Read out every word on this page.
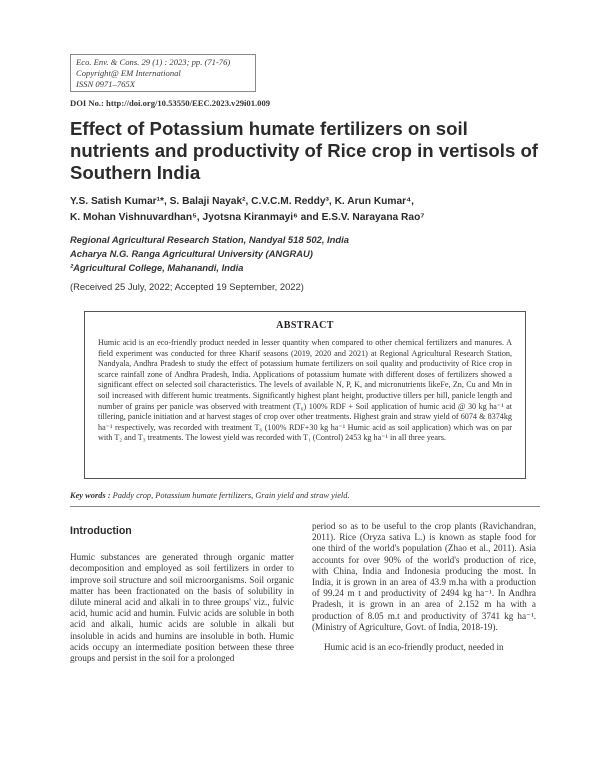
Eco. Env. & Cons. 29 (1) : 2023; pp. (71-76)
Copyright@ EM International
ISSN 0971–765X
DOI No.: http://doi.org/10.53550/EEC.2023.v29i01.009
Effect of Potassium humate fertilizers on soil nutrients and productivity of Rice crop in vertisols of Southern India
Y.S. Satish Kumar¹*, S. Balaji Nayak², C.V.C.M. Reddy³, K. Arun Kumar⁴,
K. Mohan Vishnuvardhan⁵, Jyotsna Kiranmayi⁶ and E.S.V. Narayana Rao⁷
Regional Agricultural Research Station, Nandyal 518 502, India
Acharya N.G. Ranga Agricultural University (ANGRAU)
²Agricultural College, Mahanandi, India
(Received 25 July, 2022; Accepted 19 September, 2022)
ABSTRACT

Humic acid is an eco-friendly product needed in lesser quantity when compared to other chemical fertilizers and manures. A field experiment was conducted for three Kharif seasons (2019, 2020 and 2021) at Regional Agricultural Research Station, Nandyala, Andhra Pradesh to study the effect of potassium humate fertilizers on soil quality and productivity of Rice crop in scarce rainfall zone of Andhra Pradesh, India. Applications of potassium humate with different doses of fertilizers showed a significant effect on selected soil characteristics. The levels of available N, P, K, and micronutrients likeFe, Zn, Cu and Mn in soil increased with different humic treatments. Significantly highest plant height, productive tillers per hill, panicle length and number of grains per panicle was observed with treatment (T₆) 100% RDF + Soil application of humic acid @ 30 kg ha⁻¹ at tillering, panicle initiation and at harvest stages of crop over other treatments. Highest grain and straw yield of 6074 & 8374kg ha⁻¹ respectively, was recorded with treatment T₆ (100% RDF+30 kg ha⁻¹ Humic acid as soil application) which was on par with T₂ and T₃ treatments. The lowest yield was recorded with T₁ (Control) 2453 kg ha⁻¹ in all three years.

Key words : Paddy crop, Potassium humate fertilizers, Grain yield and straw yield.
Introduction

Humic substances are generated through organic matter decomposition and employed as soil fertilizers in order to improve soil structure and soil microorganisms. Soil organic matter has been fractionated on the basis of solubility in dilute mineral acid and alkali in to three groups' viz., fulvic acid, humic acid and humin. Fulvic acids are soluble in both acid and alkali, humic acids are soluble in alkali but insoluble in acids and humins are insoluble in both. Humic acids occupy an intermediate position between these three groups and persist in the soil for a prolonged

period so as to be useful to the crop plants (Ravichandran, 2011). Rice (Oryza sativa L.) is known as staple food for one third of the world's population (Zhao et al., 2011). Asia accounts for over 90% of the world's production of rice, with China, India and Indonesia producing the most. In India, it is grown in an area of 43.9 m.ha with a production of 99.24 m t and productivity of 2494 kg ha⁻¹. In Andhra Pradesh, it is grown in an area of 2.152 m ha with a production of 8.05 m.t and productivity of 3741 kg ha⁻¹. (Ministry of Agriculture, Govt. of India, 2018-19).

Humic acid is an eco-friendly product, needed in
